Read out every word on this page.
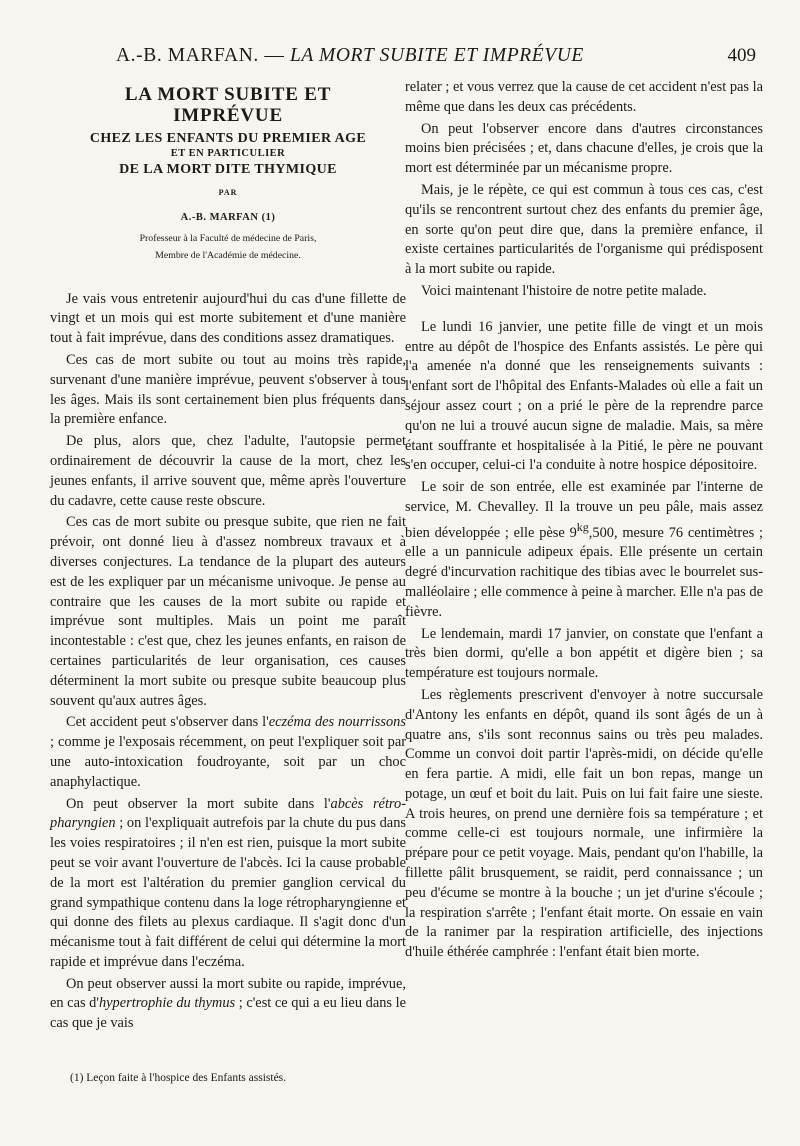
A.-B. MARFAN. — LA MORT SUBITE ET IMPRÉVUE	409
LA MORT SUBITE ET
IMPRÉVUE
CHEZ LES ENFANTS DU PREMIER AGE
ET EN PARTICULIER
DE LA MORT DITE THYMIQUE
PAR
A.-B. MARFAN (1)
Professeur à la Faculté de médecine de Paris,
Membre de l'Académie de médecine.

Je vais vous entretenir aujourd'hui du cas d'une fillette de vingt et un mois qui est morte subitement et d'une manière tout à fait imprévue, dans des conditions assez dramatiques.

Ces cas de mort subite ou tout au moins très rapide, survenant d'une manière imprévue, peuvent s'observer à tous les âges. Mais ils sont certainement bien plus fréquents dans la première enfance.

De plus, alors que, chez l'adulte, l'autopsie permet ordinairement de découvrir la cause de la mort, chez les jeunes enfants, il arrive souvent que, même après l'ouverture du cadavre, cette cause reste obscure.

Ces cas de mort subite ou presque subite, que rien ne fait prévoir, ont donné lieu à d'assez nombreux travaux et à diverses conjectures. La tendance de la plupart des auteurs est de les expliquer par un mécanisme univoque. Je pense au contraire que les causes de la mort subite ou rapide et imprévue sont multiples. Mais un point me paraît incontestable : c'est que, chez les jeunes enfants, en raison de certaines particularités de leur organisation, ces causes déterminent la mort subite ou presque subite beaucoup plus souvent qu'aux autres âges.

Cet accident peut s'observer dans l'eczéma des nourrissons ; comme je l'exposais récemment, on peut l'expliquer soit par une auto-intoxication foudroyante, soit par un choc anaphylactique.

On peut observer la mort subite dans l'abcès rétro-pharyngien ; on l'expliquait autrefois par la chute du pus dans les voies respiratoires ; il n'en est rien, puisque la mort subite peut se voir avant l'ouverture de l'abcès. Ici la cause probable de la mort est l'altération du premier ganglion cervical du grand sympathique contenu dans la loge rétropharyngienne et qui donne des filets au plexus cardiaque. Il s'agit donc d'un mécanisme tout à fait différent de celui qui détermine la mort rapide et imprévue dans l'eczéma.

On peut observer aussi la mort subite ou rapide, imprévue, en cas d'hypertrophie du thymus ; c'est ce qui a eu lieu dans le cas que je vais

relater ; et vous verrez que la cause de cet accident n'est pas la même que dans les deux cas précédents.

On peut l'observer encore dans d'autres circonstances moins bien précisées ; et, dans chacune d'elles, je crois que la mort est déterminée par un mécanisme propre.

Mais, je le répète, ce qui est commun à tous ces cas, c'est qu'ils se rencontrent surtout chez des enfants du premier âge, en sorte qu'on peut dire que, dans la première enfance, il existe certaines particularités de l'organisme qui prédisposent à la mort subite ou rapide.

Voici maintenant l'histoire de notre petite malade.

Le lundi 16 janvier, une petite fille de vingt et un mois entre au dépôt de l'hospice des Enfants assistés. Le père qui l'a amenée n'a donné que les renseignements suivants : l'enfant sort de l'hôpital des Enfants-Malades où elle a fait un séjour assez court ; on a prié le père de la reprendre parce qu'on ne lui a trouvé aucun signe de maladie. Mais, sa mère étant souffrante et hospitalisée à la Pitié, le père ne pouvant s'en occuper, celui-ci l'a conduite à notre hospice dépositoire.

Le soir de son entrée, elle est examinée par l'interne de service, M. Chevalley. Il la trouve un peu pâle, mais assez bien développée ; elle pèse $9^{kg},500$, mesure 76 centimètres ; elle a un pannicule adipeux épais. Elle présente un certain degré d'incurvation rachitique des tibias avec le bourrelet sus-malléolaire ; elle commence à peine à marcher. Elle n'a pas de fièvre.

Le lendemain, mardi 17 janvier, on constate que l'enfant a très bien dormi, qu'elle a bon appétit et digère bien ; sa température est toujours normale.

Les règlements prescrivent d'envoyer à notre succursale d'Antony les enfants en dépôt, quand ils sont âgés de un à quatre ans, s'ils sont reconnus sains ou très peu malades. Comme un convoi doit partir l'après-midi, on décide qu'elle en fera partie. A midi, elle fait un bon repas, mange un potage, un œuf et boit du lait. Puis on lui fait faire une sieste. A trois heures, on prend une dernière fois sa température ; et comme celle-ci est toujours normale, une infirmière la prépare pour ce petit voyage. Mais, pendant qu'on l'habille, la fillette pâlit brusquement, se raidit, perd connaissance ; un peu d'écume se montre à la bouche ; un jet d'urine s'écoule ; la respiration s'arrête ; l'enfant était morte. On essaie en vain de la ranimer par la respiration artificielle, des injections d'huile éthérée camphrée : l'enfant était bien morte.

(1) Leçon faite à l'hospice des Enfants assistés.
